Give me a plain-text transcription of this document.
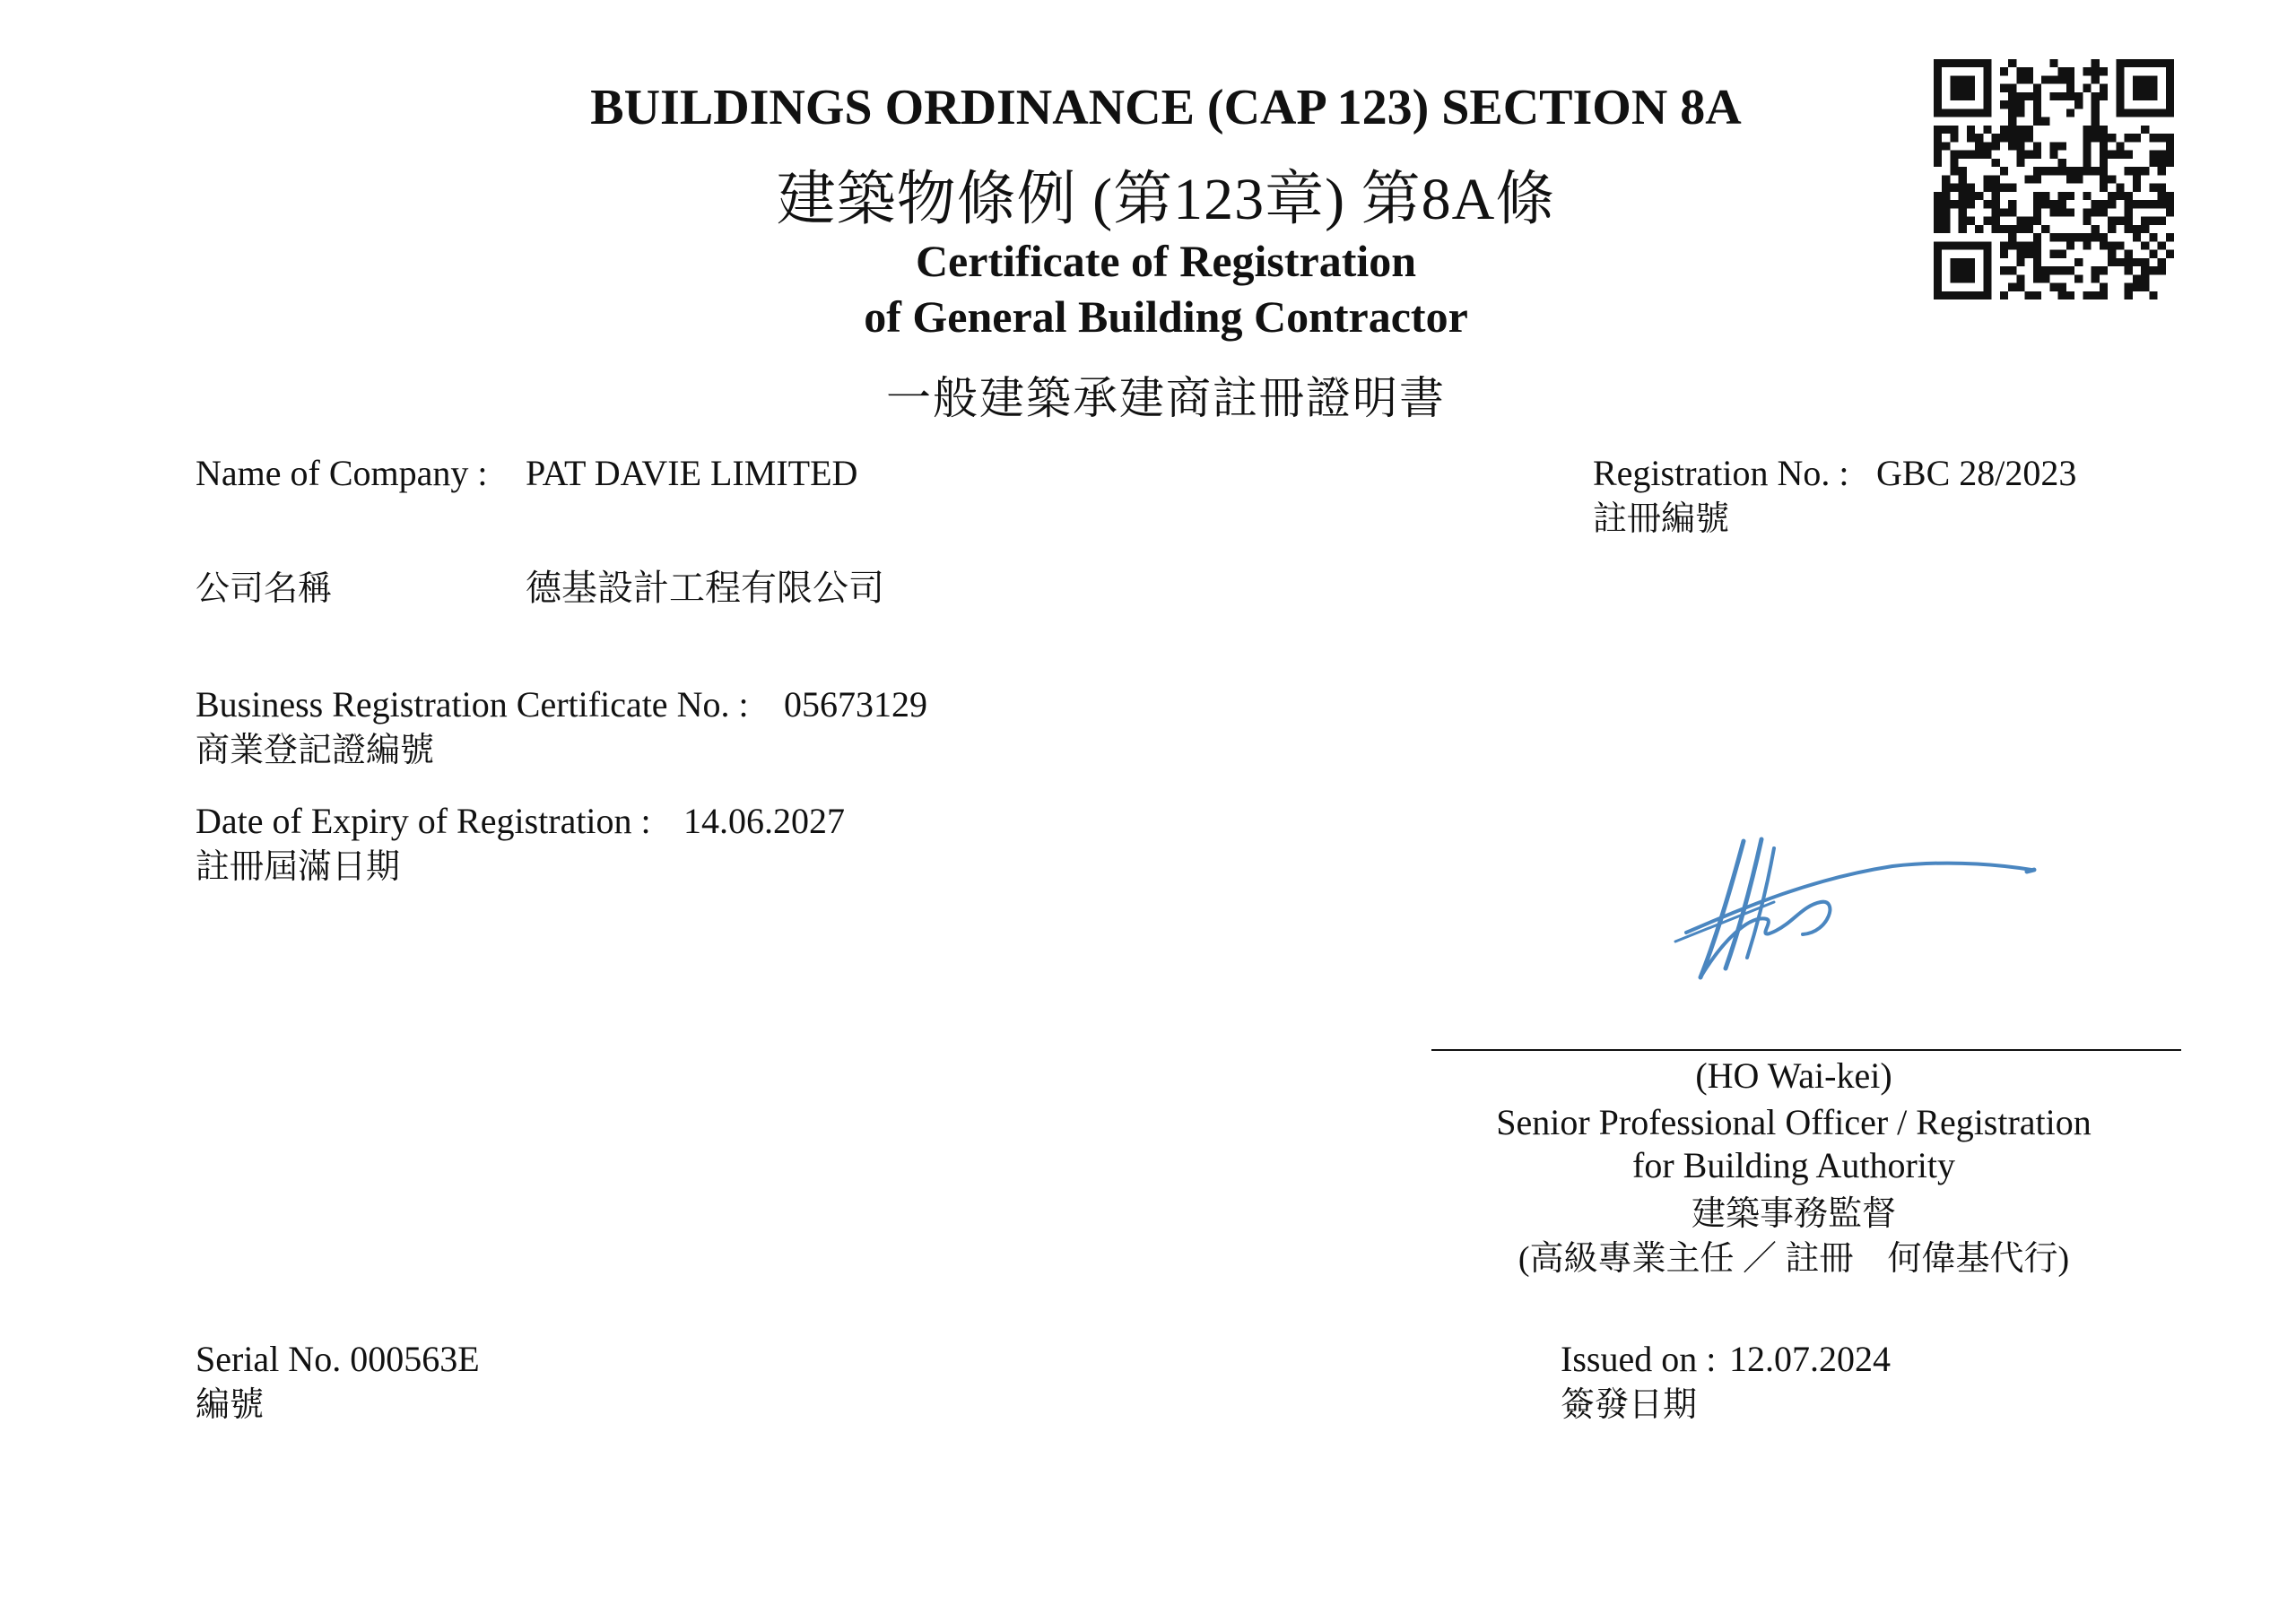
BUILDINGS ORDINANCE (CAP 123) SECTION 8A
建築物條例 (第123章) 第8A條
Certificate of Registration
of General Building Contractor
一般建築承建商註冊證明書
Name of Company : PAT DAVIE LIMITED
公司名稱	德基設計工程有限公司
Registration No. : GBC 28/2023
註冊編號
Business Registration Certificate No. : 05673129
商業登記證編號
Date of Expiry of Registration : 14.06.2027
註冊屆滿日期
(HO Wai-kei)
Senior Professional Officer / Registration
for Building Authority
建築事務監督
(高級專業主任 ／ 註冊　何偉基代行)
Serial No. 000563E
編號
Issued on : 12.07.2024
簽發日期
